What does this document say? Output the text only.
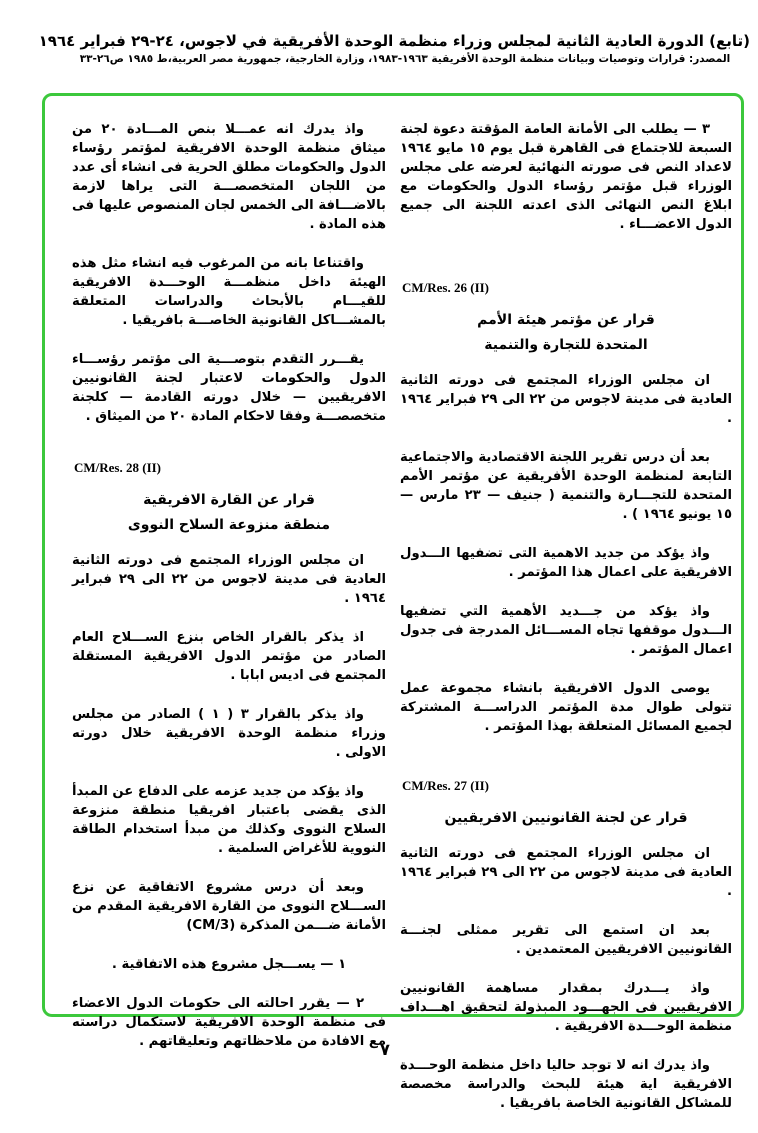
(تابع) الدورة العادية الثانية لمجلس وزراء منظمة الوحدة الأفريقية في لاجوس، ٢٤-٢٩ فبراير ١٩٦٤
المصدر: قرارات وتوصيات وبيانات منظمة الوحدة الأفريقية ١٩٦٣-١٩٨٣، وزارة الخارجية، جمهورية مصر العربية،ط ١٩٨٥ ص٢٦-٣٣
٣ — يطلب الى الأمانة العامة المؤقتة دعوة لجنة السبعة للاجتماع فى القاهرة قبل يوم ١٥ مايو ١٩٦٤ لاعداد النص فى صورته النهائية لعرضه على مجلس الوزراء قبل مؤتمر رؤساء الدول والحكومات مع ابلاغ النص النهائى الذى اعدته اللجنة الى جميع الدول الاعضـــاء .
CM/Res. 26 (II)
قرار عن مؤتمر هيئة الأمم
المتحدة للتجارة والتنمية
ان مجلس الوزراء المجتمع فى دورته الثانية العادية فى مدينة لاجوس من ٢٢ الى ٢٩ فبراير ١٩٦٤ .
بعد أن درس تقرير اللجنة الاقتصادية والاجتماعية التابعة لمنظمة الوحدة الأفريقية عن مؤتمر الأمم المتحدة للتجـــارة والتنمية ( جنيف — ٢٣ مارس — ١٥ يونيو ١٩٦٤ ) .
واذ يؤكد من جديد الاهمية التى تضفيها الـــدول الافريقية على اعمال هذا المؤتمر .
واذ يؤكد من جـــديد الأهمية التي تضفيها الـــدول موقفها تجاه المســـائل المدرجة فى جدول اعمال المؤتمر .
يوصى الدول الافريقية بانشاء مجموعة عمل تتولى طوال مدة المؤتمر الدراســـة المشتركة لجميع المسائل المتعلقة بهذا المؤتمر .
CM/Res. 27 (II)
قرار عن لجنة القانونيين الافريقيين
ان مجلس الوزراء المجتمع فى دورته الثانية العادية فى مدينة لاجوس من ٢٢ الى ٢٩ فبراير ١٩٦٤ .
بعد ان استمع الى تقرير ممثلى لجنـــة القانونيين الافريقيين المعتمدين .
واذ يـــدرك بمقدار مساهمة القانونيين الافريقيين فى الجهـــود المبذولة لتحقيق اهـــداف منظمة الوحـــدة الافريقية .
واذ يدرك انه لا توجد حاليا داخل منظمة الوحـــدة الافريقية اية هيئة للبحث والدراسة مخصصة للمشاكل القانونية الخاصة بافريقيا .
واذ يدرك انه عمـــلا بنص المـــادة ٢٠ من ميثاق منظمة الوحدة الافريقية لمؤتمر رؤساء الدول والحكومات مطلق الحرية فى انشاء أى عدد من اللجان المتخصصـــة التى يراها لازمة بالاضـــافة الى الخمس لجان المنصوص عليها فى هذه المادة .
واقتناعا بانه من المرغوب فيه انشاء مثل هذه الهيئة داخل منظمـــة الوحـــدة الافريقية للقيـــام بالأبحاث والدراسات المتعلقة بالمشـــاكل القانونية الخاصـــة بافريقيا .
يقـــرر التقدم بتوصـــية الى مؤتمر رؤســـاء الدول والحكومات لاعتبار لجنة القانونيين الافريقيين — خلال دورته القادمة — كلجنة متخصصـــة وفقا لاحكام المادة ٢٠ من الميثاق .
CM/Res. 28 (II)
قرار عن القارة الافريقية
منطقة منزوعة السلاح النووى
ان مجلس الوزراء المجتمع فى دورته الثانية العادية فى مدينة لاجوس من ٢٢ الى ٢٩ فبراير ١٩٦٤ .
اذ يذكر بالقرار الخاص بنزع الســـلاح العام الصادر من مؤتمر الدول الافريقية المستقلة المجتمع فى اديس ابابا .
واذ يذكر بالقرار ٣ ( ١ ) الصادر من مجلس وزراء منظمة الوحدة الافريقية خلال دورته الاولى .
واذ يؤكد من جديد عزمه على الدفاع عن المبدأ الذى يقضى باعتبار افريقيا منطقة منزوعة السلاح النووى وكذلك من مبدأ استخدام الطاقة النووية للأغراض السلمية .
وبعد أن درس مشروع الاتفاقية عن نزع الســـلاح النووى من القارة الافريقية المقدم من الأمانة ضـــمن المذكرة (CM/3)
١ — يســـجل مشروع هذه الاتفاقية .
٢ — يقرر احالته الى حكومات الدول الاعضاء فى منظمة الوحدة الافريقية لاستكمال دراسته مع الافادة من ملاحظاتهم وتعليقاتهم .
٧
